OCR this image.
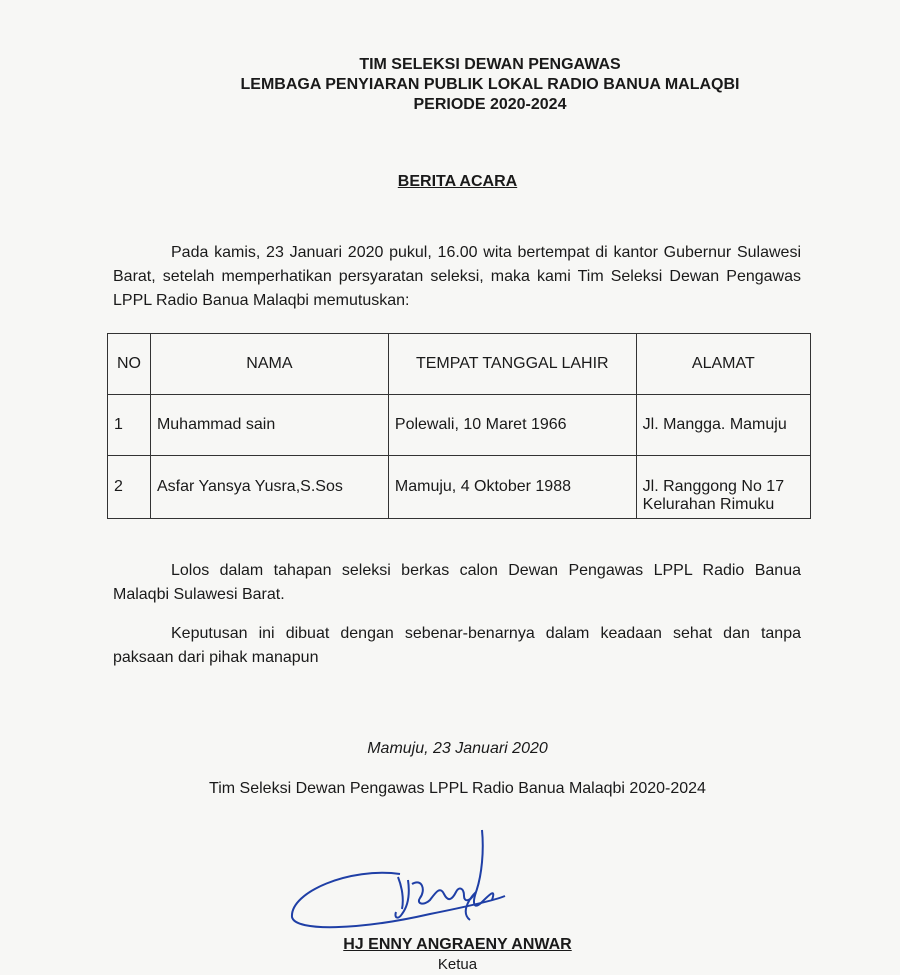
TIM SELEKSI DEWAN PENGAWAS
LEMBAGA PENYIARAN PUBLIK LOKAL RADIO BANUA MALAQBI
PERIODE 2020-2024
BERITA ACARA
Pada kamis, 23 Januari 2020 pukul, 16.00 wita bertempat di kantor Gubernur Sulawesi Barat, setelah memperhatikan persyaratan seleksi, maka kami Tim Seleksi Dewan Pengawas LPPL Radio Banua Malaqbi memutuskan:
NO	NAMA	TEMPAT TANGGAL LAHIR	ALAMAT
1	Muhammad sain	Polewali, 10 Maret 1966	Jl. Mangga. Mamuju
2	Asfar Yansya Yusra,S.Sos	Mamuju, 4 Oktober 1988	Jl. Ranggong No 17 Kelurahan Rimuku
Lolos dalam tahapan seleksi berkas calon Dewan Pengawas LPPL Radio Banua Malaqbi Sulawesi Barat.
Keputusan ini dibuat dengan sebenar-benarnya dalam keadaan sehat dan tanpa paksaan dari pihak manapun
Mamuju, 23 Januari 2020
Tim Seleksi Dewan Pengawas LPPL Radio Banua Malaqbi 2020-2024
HJ ENNY ANGRAENY ANWAR
Ketua
